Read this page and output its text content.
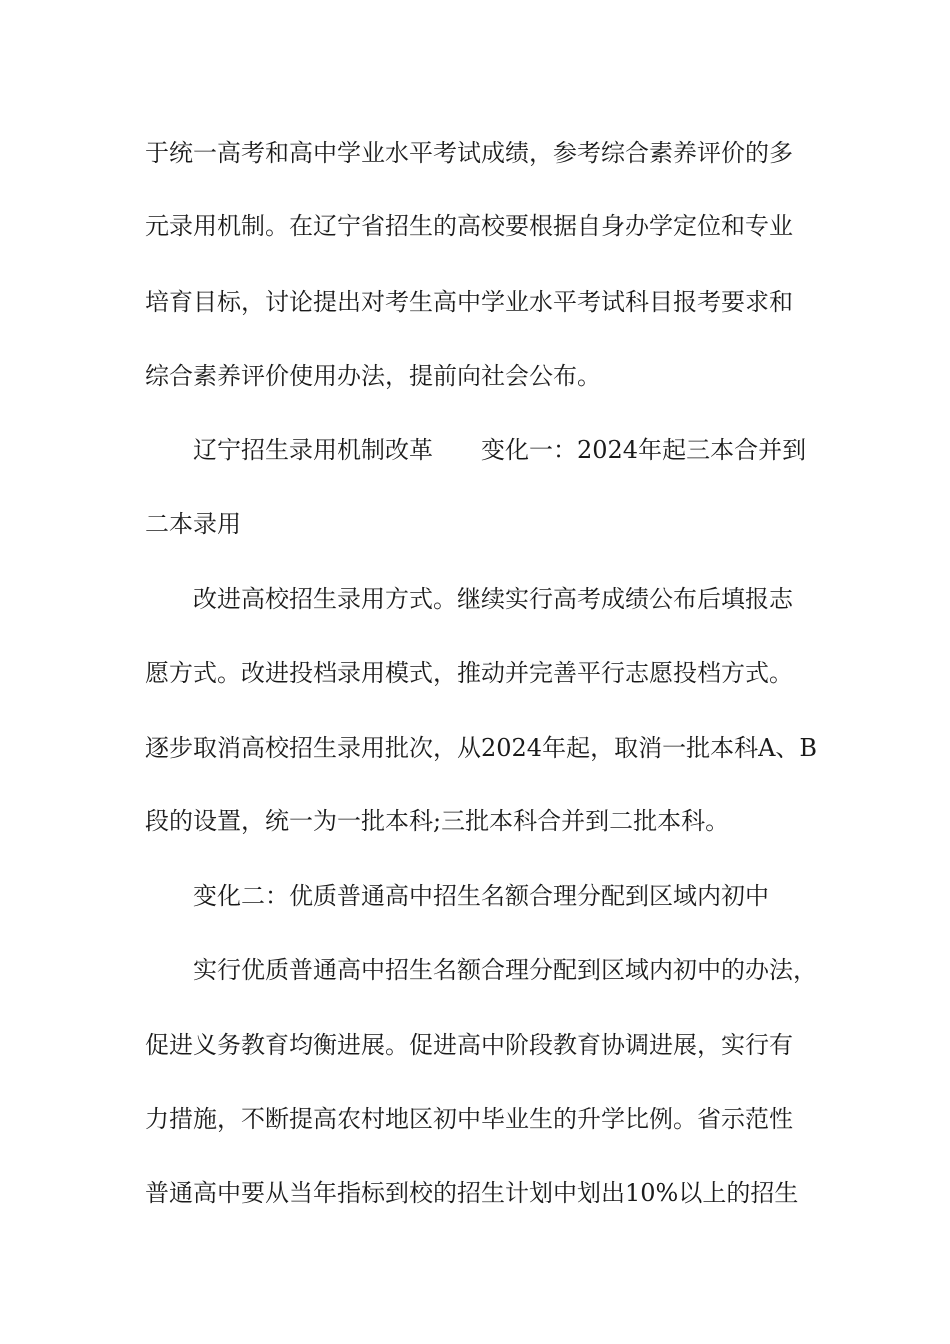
于统一高考和高中学业水平考试成绩，参考综合素养评价的多
元录用机制。在辽宁省招生的高校要根据自身办学定位和专业
培育目标，讨论提出对考生高中学业水平考试科目报考要求和
综合素养评价使用办法，提前向社会公布。
辽宁招生录用机制改革　　变化一：2024年起三本合并到
二本录用
改进高校招生录用方式。继续实行高考成绩公布后填报志
愿方式。改进投档录用模式，推动并完善平行志愿投档方式。
逐步取消高校招生录用批次，从2024年起，取消一批本科A、B
段的设置，统一为一批本科;三批本科合并到二批本科。
变化二：优质普通高中招生名额合理分配到区域内初中
实行优质普通高中招生名额合理分配到区域内初中的办法，
促进义务教育均衡进展。促进高中阶段教育协调进展，实行有
力措施，不断提高农村地区初中毕业生的升学比例。省示范性
普通高中要从当年指标到校的招生计划中划出10%以上的招生
